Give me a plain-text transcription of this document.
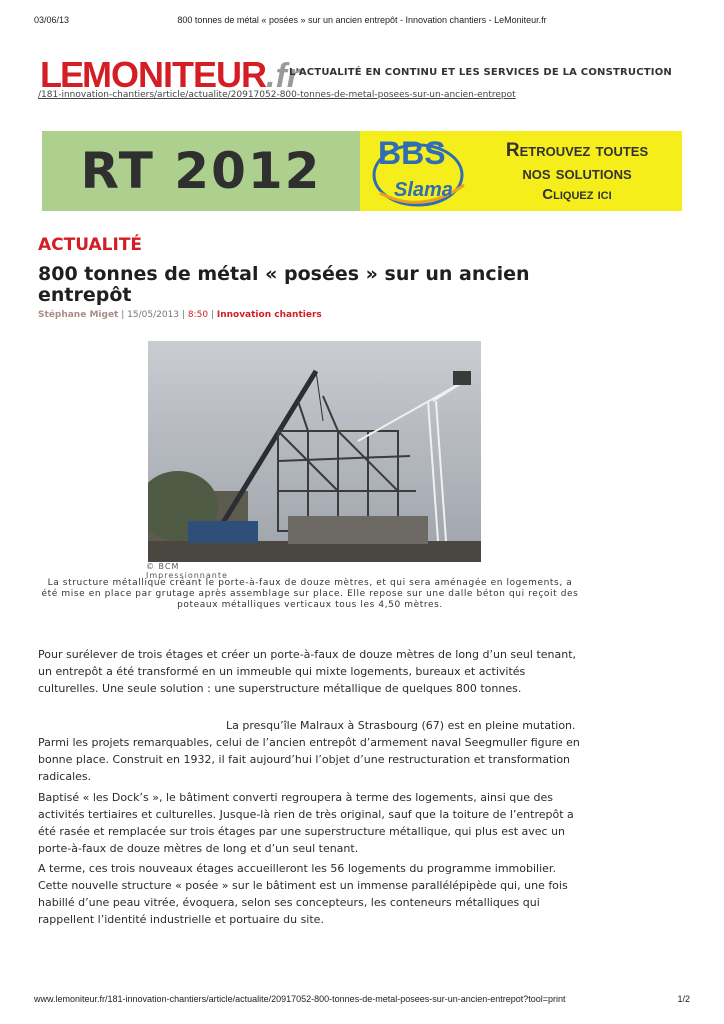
03/06/13	800 tonnes de métal « posées » sur un ancien entrepôt - Innovation chantiers - LeMoniteur.fr
LEMONITEUR.fr
L'ACTUALITÉ EN CONTINU ET LES SERVICES DE LA CONSTRUCTION
/181-innovation-chantiers/article/actualite/20917052-800-tonnes-de-metal-posees-sur-un-ancien-entrepot
RT 2012	BBS
Slama
Retrouvez toutes
nos solutions
Cliquez ici
ACTUALITÉ
800 tonnes de métal « posées » sur un ancien entrepôt
Stéphane Miget | 15/05/2013 | 8:50 | Innovation chantiers
© BCM
Impressionnante
La structure métallique créant le porte-à-faux de douze mètres, et qui sera aménagée en logements, a été mise en place par grutage après assemblage sur place. Elle repose sur une dalle béton qui reçoit des poteaux métalliques verticaux tous les 4,50 mètres.

Pour surélever de trois étages et créer un porte-à-faux de douze mètres de long d’un seul tenant, un entrepôt a été transformé en un immeuble qui mixte logements, bureaux et activités culturelles. Une seule solution : une superstructure métallique de quelques 800 tonnes.

La presqu’île Malraux à Strasbourg (67) est en pleine mutation. Parmi les projets remarquables, celui de l’ancien entrepôt d’armement naval Seegmuller figure en bonne place. Construit en 1932, il fait aujourd’hui l’objet d’une restructuration et transformation radicales.

Baptisé « les Dock’s », le bâtiment converti regroupera à terme des logements, ainsi que des activités tertiaires et culturelles. Jusque-là rien de très original, sauf que la toiture de l’entrepôt a été rasée et remplacée sur trois étages par une superstructure métallique, qui plus est avec un porte-à-faux de douze mètres de long et d’un seul tenant.

A terme, ces trois nouveaux étages accueilleront les 56 logements du programme immobilier. Cette nouvelle structure « posée » sur le bâtiment est un immense parallélépipède qui, une fois habillé d’une peau vitrée, évoquera, selon ses concepteurs, les conteneurs métalliques qui rappellent l’identité industrielle et portuaire du site.

www.lemoniteur.fr/181-innovation-chantiers/article/actualite/20917052-800-tonnes-de-metal-posees-sur-un-ancien-entrepot?tool=print	1/2
